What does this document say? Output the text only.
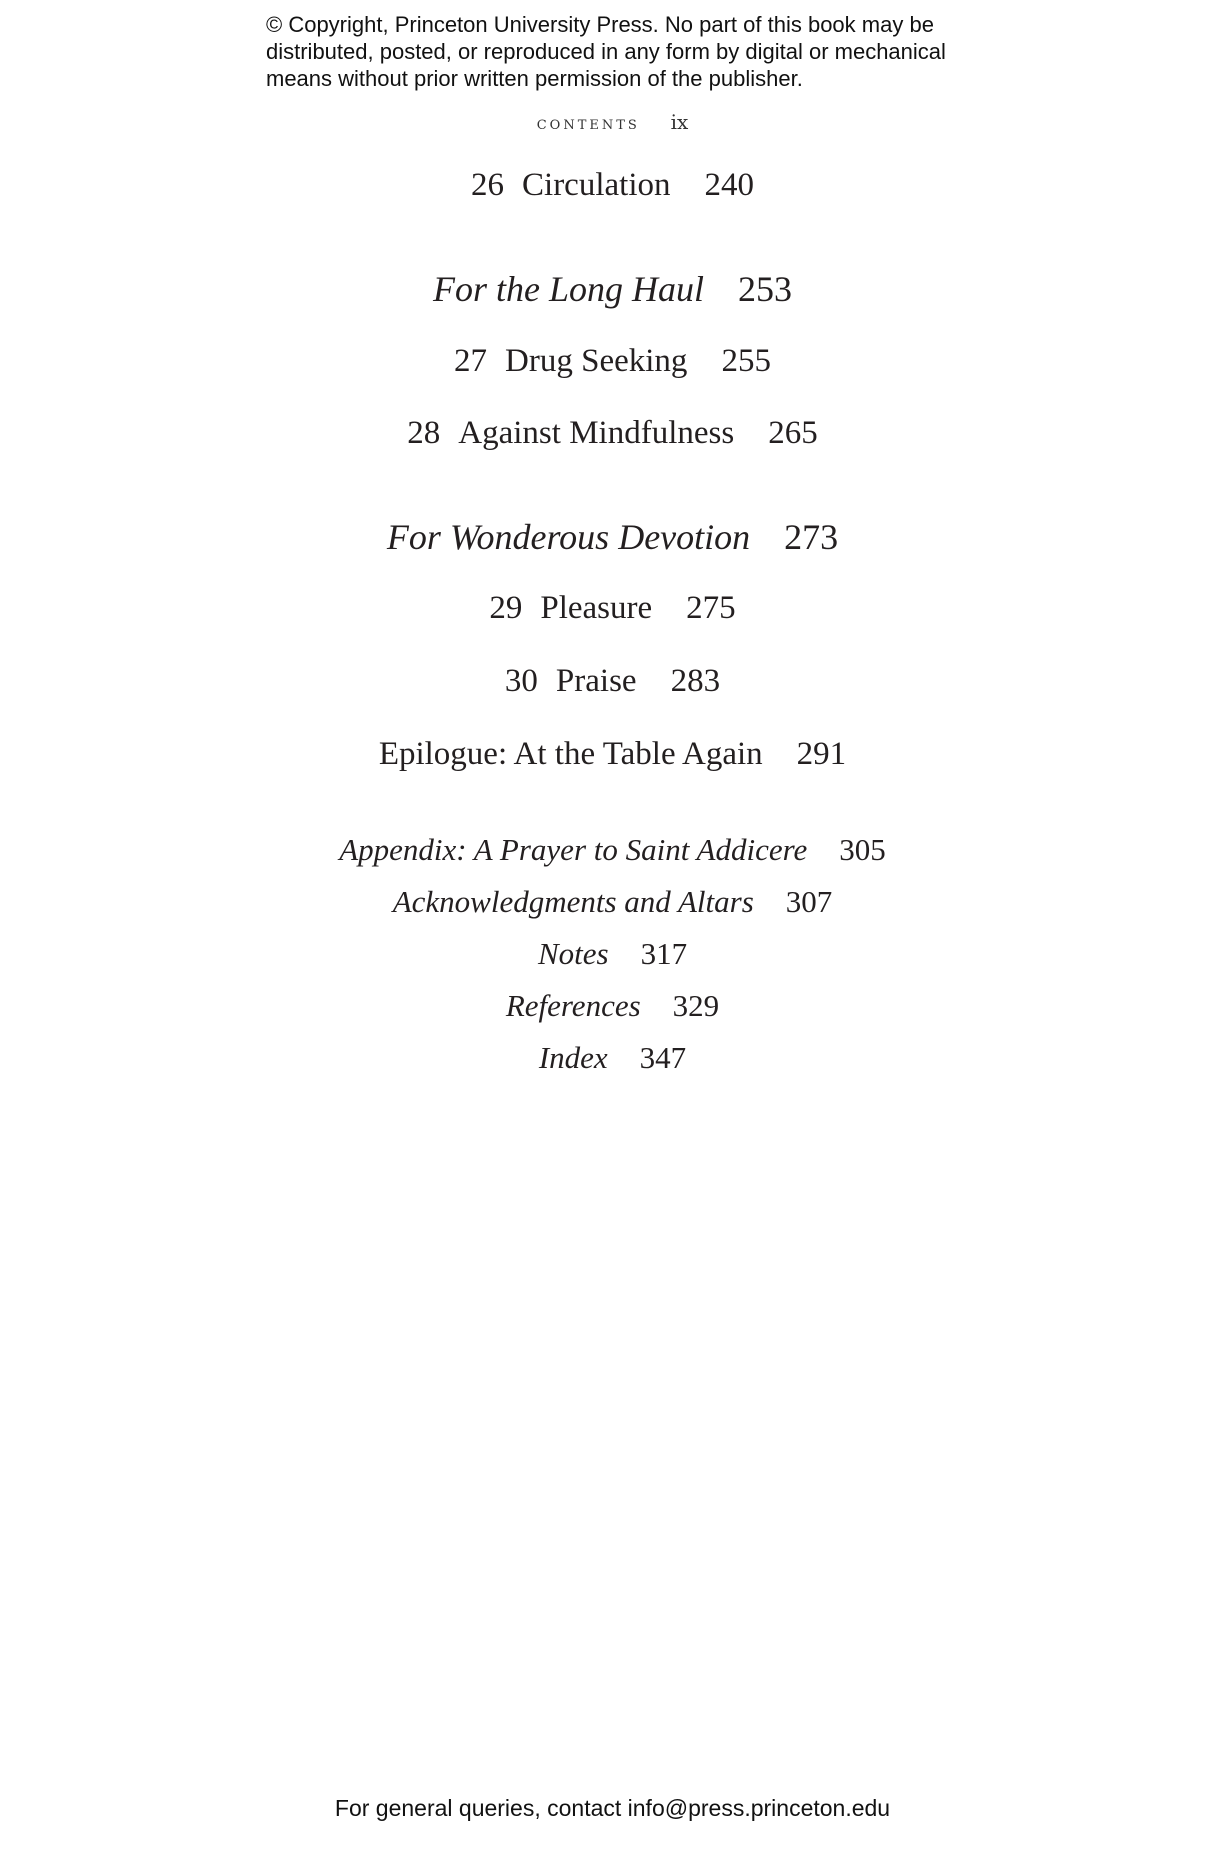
© Copyright, Princeton University Press. No part of this book may be
distributed, posted, or reproduced in any form by digital or mechanical
means without prior written permission of the publisher.
contents ix
26 Circulation 240
For the Long Haul 253
27 Drug Seeking 255
28 Against Mindfulness 265
For Wonderous Devotion 273
29 Pleasure 275
30 Praise 283
Epilogue: At the Table Again 291
Appendix: A Prayer to Saint Addicere 305
Acknowledgments and Altars 307
Notes 317
References 329
Index 347
For general queries, contact info@press.princeton.edu
